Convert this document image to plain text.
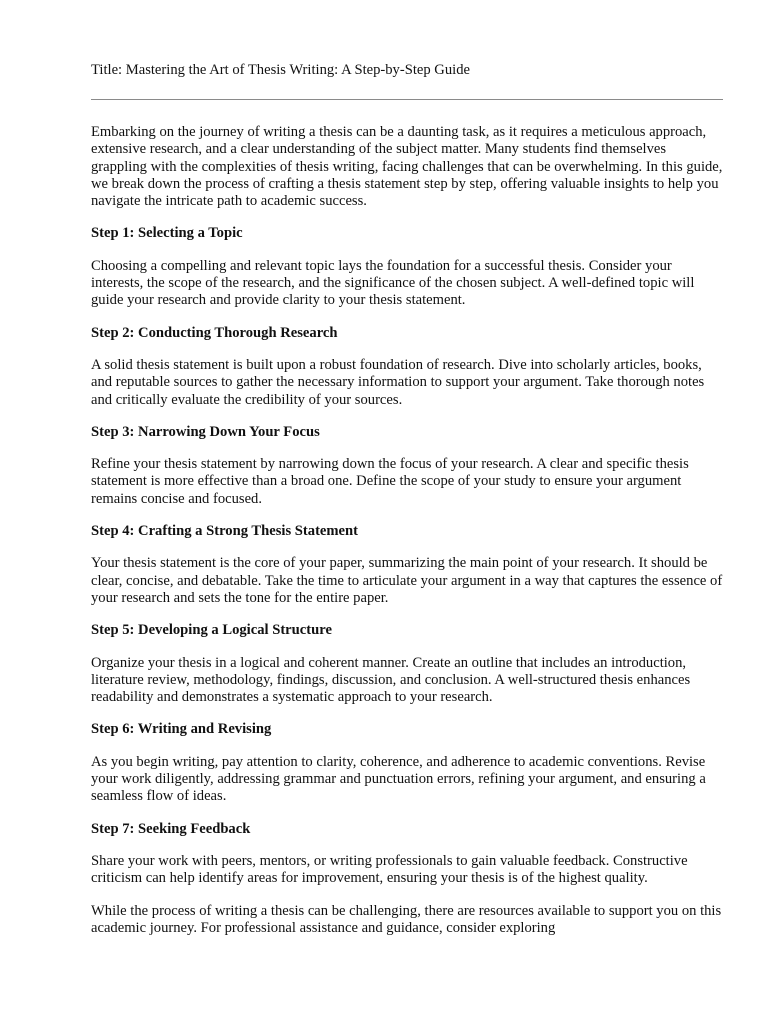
Title: Mastering the Art of Thesis Writing: A Step-by-Step Guide

Embarking on the journey of writing a thesis can be a daunting task, as it requires a meticulous approach, extensive research, and a clear understanding of the subject matter. Many students find themselves grappling with the complexities of thesis writing, facing challenges that can be overwhelming. In this guide, we break down the process of crafting a thesis statement step by step, offering valuable insights to help you navigate the intricate path to academic success.

Step 1: Selecting a Topic

Choosing a compelling and relevant topic lays the foundation for a successful thesis. Consider your interests, the scope of the research, and the significance of the chosen subject. A well-defined topic will guide your research and provide clarity to your thesis statement.

Step 2: Conducting Thorough Research

A solid thesis statement is built upon a robust foundation of research. Dive into scholarly articles, books, and reputable sources to gather the necessary information to support your argument. Take thorough notes and critically evaluate the credibility of your sources.

Step 3: Narrowing Down Your Focus

Refine your thesis statement by narrowing down the focus of your research. A clear and specific thesis statement is more effective than a broad one. Define the scope of your study to ensure your argument remains concise and focused.

Step 4: Crafting a Strong Thesis Statement

Your thesis statement is the core of your paper, summarizing the main point of your research. It should be clear, concise, and debatable. Take the time to articulate your argument in a way that captures the essence of your research and sets the tone for the entire paper.

Step 5: Developing a Logical Structure

Organize your thesis in a logical and coherent manner. Create an outline that includes an introduction, literature review, methodology, findings, discussion, and conclusion. A well-structured thesis enhances readability and demonstrates a systematic approach to your research.

Step 6: Writing and Revising

As you begin writing, pay attention to clarity, coherence, and adherence to academic conventions. Revise your work diligently, addressing grammar and punctuation errors, refining your argument, and ensuring a seamless flow of ideas.

Step 7: Seeking Feedback

Share your work with peers, mentors, or writing professionals to gain valuable feedback. Constructive criticism can help identify areas for improvement, ensuring your thesis is of the highest quality.

While the process of writing a thesis can be challenging, there are resources available to support you on this academic journey. For professional assistance and guidance, consider exploring
